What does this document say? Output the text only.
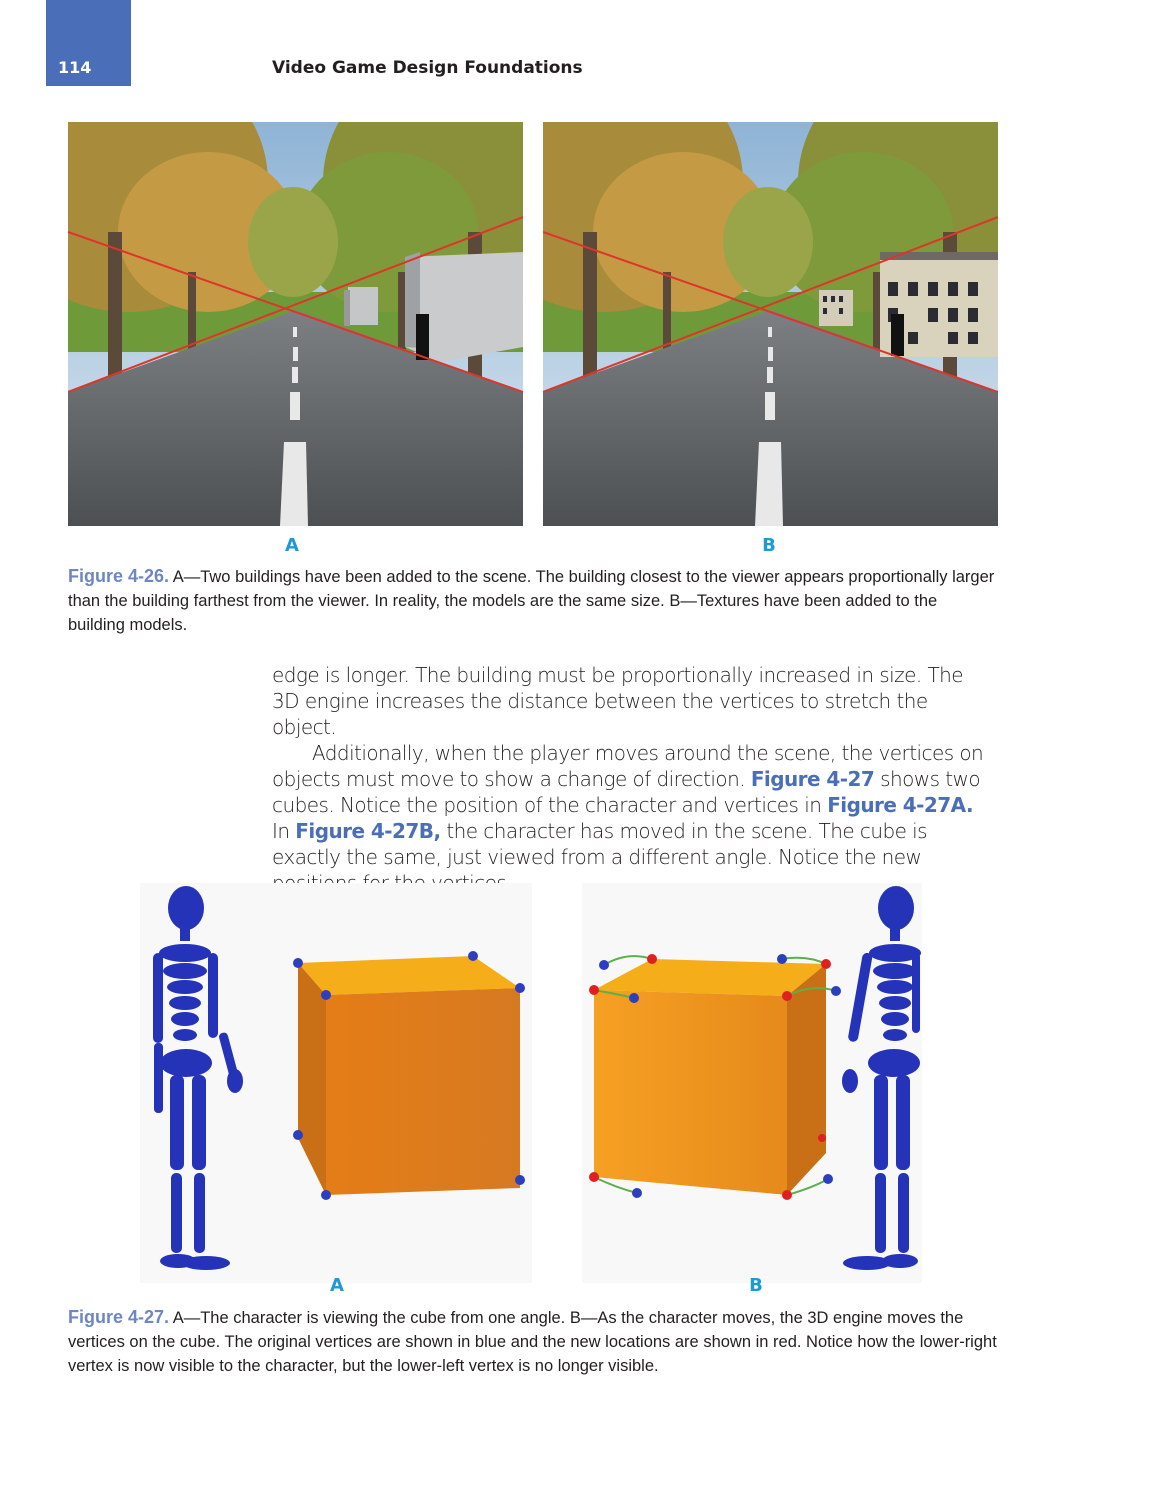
114	Video Game Design Foundations
A	B
Figure 4-26. A—Two buildings have been added to the scene. The building closest to the viewer appears proportionally larger than the building farthest from the viewer. In reality, the models are the same size. B—Textures have been added to the building models.

edge is longer. The building must be proportionally increased in size. The 3D engine increases the distance between the vertices to stretch the object.

Additionally, when the player moves around the scene, the vertices on objects must move to show a change of direction. Figure 4-27 shows two cubes. Notice the position of the character and vertices in Figure 4-27A. In Figure 4-27B, the character has moved in the scene. The cube is exactly the same, just viewed from a different angle. Notice the new

A	B
Figure 4-27. A—The character is viewing the cube from one angle. B—As the character moves, the 3D engine moves the vertices on the cube. The original vertices are shown in blue and the new locations are shown in red. Notice how the lower-right vertex is now visible to the character, but the lower-left vertex is no longer visible.
